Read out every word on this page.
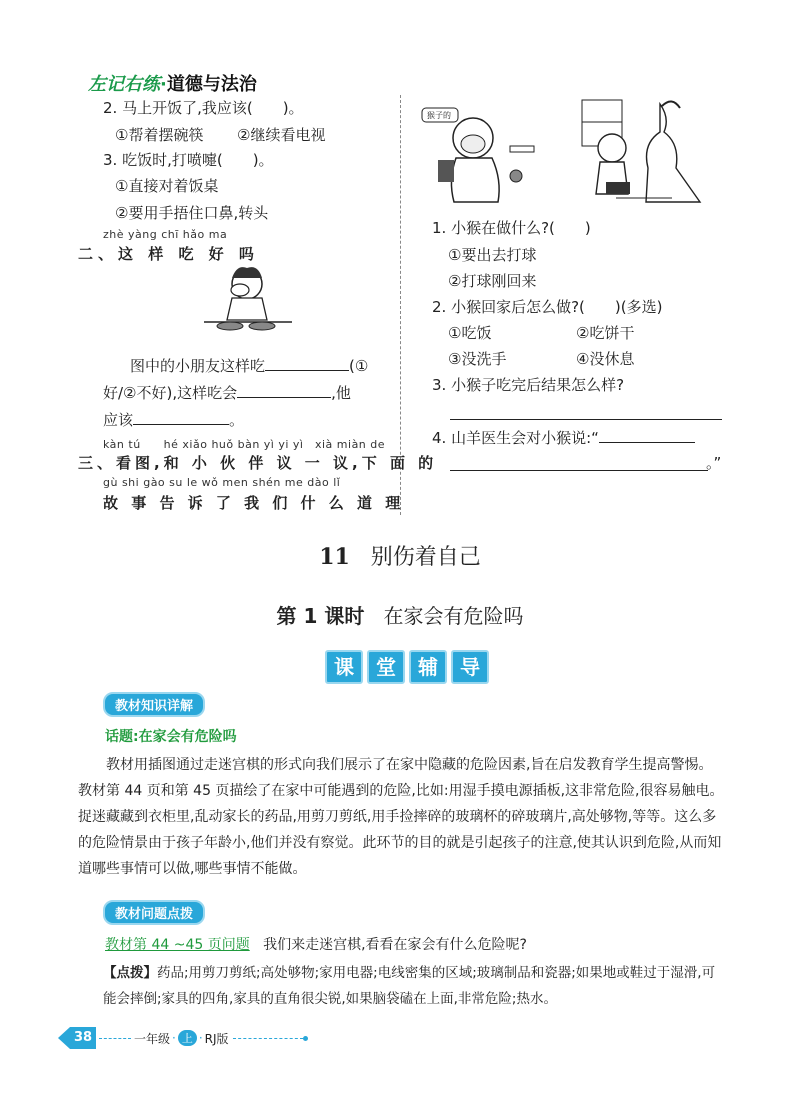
左记右练·道德与法治
2. 马上开饭了,我应该(　　)。
①帮着摆碗筷 ②继续看电视
3. 吃饭时,打喷嚏(　　)。
①直接对着饭桌
②要用手捂住口鼻,转头
zhè yàng chī hǎo ma
二、这 样 吃 好 吗
图中的小朋友这样吃	(①
好/②不好),这样吃会	,他
应该	。
kàn tú　　hé xiǎo huǒ bàn yì yi yì　xià miàn de
三、看图,和 小 伙 伴 议 一 议,下 面 的
gù shi gào su le wǒ men shén me dào lǐ
故 事 告 诉 了 我 们 什 么 道 理
猴子的
1. 小猴在做什么?(　　)
①要出去打球
②打球刚回来
2. 小猴回家后怎么做?(　　)(多选)
①吃饭	②吃饼干
③没洗手	④没休息
3. 小猴子吃完后结果怎么样?
4. 山羊医生会对小猴说:“
。”
11 别伤着自己
第 1 课时 在家会有危险吗
课	堂	辅	导
教材知识详解
话题:在家会有危险吗
教材用插图通过走迷宫棋的形式向我们展示了在家中隐藏的危险因素,旨在启发教育学生提高警惕。教材第 44 页和第 45 页描绘了在家中可能遇到的危险,比如:用湿手摸电源插板,这非常危险,很容易触电。捉迷藏藏到衣柜里,乱动家长的药品,用剪刀剪纸,用手捡摔碎的玻璃杯的碎玻璃片,高处够物,等等。这么多的危险情景由于孩子年龄小,他们并没有察觉。此环节的目的就是引起孩子的注意,使其认识到危险,从而知道哪些事情可以做,哪些事情不能做。
教材问题点拨
教材第 44 ~45 页问题 我们来走迷宫棋,看看在家会有什么危险呢?
【点拨】药品;用剪刀剪纸;高处够物;家用电器;电线密集的区域;玻璃制品和瓷器;如果地或鞋过于湿滑,可能会摔倒;家具的四角,家具的直角很尖锐,如果脑袋磕在上面,非常危险;热水。
38	一年级 · 上 · RJ版
